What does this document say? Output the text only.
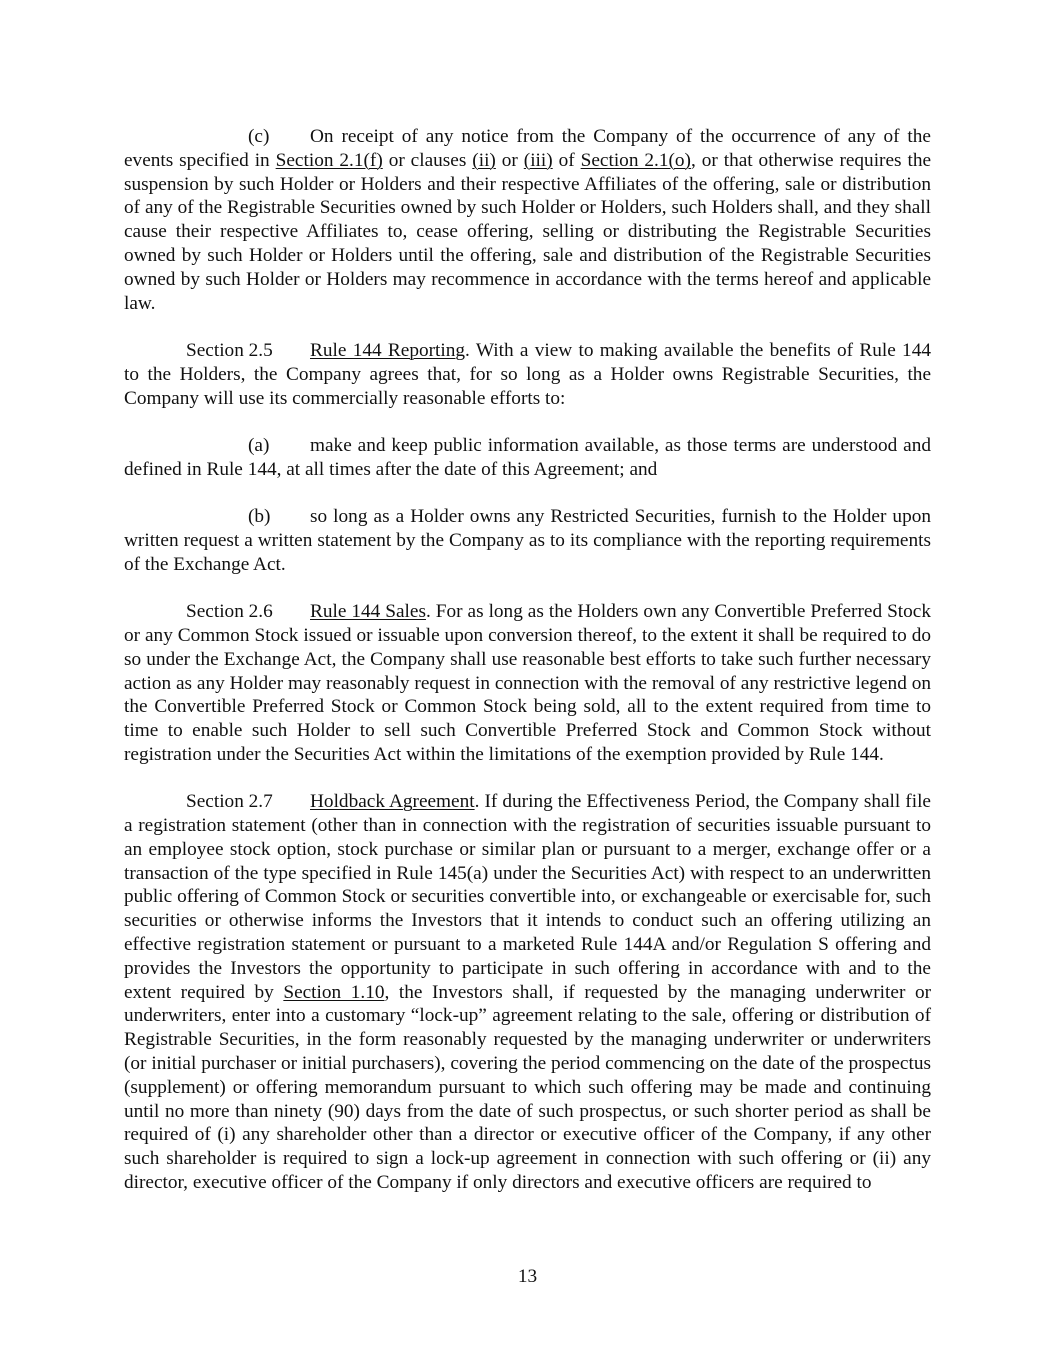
(c) On receipt of any notice from the Company of the occurrence of any of the events specified in Section 2.1(f) or clauses (ii) or (iii) of Section 2.1(o), or that otherwise requires the suspension by such Holder or Holders and their respective Affiliates of the offering, sale or distribution of any of the Registrable Securities owned by such Holder or Holders, such Holders shall, and they shall cause their respective Affiliates to, cease offering, selling or distributing the Registrable Securities owned by such Holder or Holders until the offering, sale and distribution of the Registrable Securities owned by such Holder or Holders may recommence in accordance with the terms hereof and applicable law.

Section 2.5 Rule 144 Reporting. With a view to making available the benefits of Rule 144 to the Holders, the Company agrees that, for so long as a Holder owns Registrable Securities, the Company will use its commercially reasonable efforts to:

(a) make and keep public information available, as those terms are understood and defined in Rule 144, at all times after the date of this Agreement; and

(b) so long as a Holder owns any Restricted Securities, furnish to the Holder upon written request a written statement by the Company as to its compliance with the reporting requirements of the Exchange Act.

Section 2.6 Rule 144 Sales. For as long as the Holders own any Convertible Preferred Stock or any Common Stock issued or issuable upon conversion thereof, to the extent it shall be required to do so under the Exchange Act, the Company shall use reasonable best efforts to take such further necessary action as any Holder may reasonably request in connection with the removal of any restrictive legend on the Convertible Preferred Stock or Common Stock being sold, all to the extent required from time to time to enable such Holder to sell such Convertible Preferred Stock and Common Stock without registration under the Securities Act within the limitations of the exemption provided by Rule 144.

Section 2.7 Holdback Agreement. If during the Effectiveness Period, the Company shall file a registration statement (other than in connection with the registration of securities issuable pursuant to an employee stock option, stock purchase or similar plan or pursuant to a merger, exchange offer or a transaction of the type specified in Rule 145(a) under the Securities Act) with respect to an underwritten public offering of Common Stock or securities convertible into, or exchangeable or exercisable for, such securities or otherwise informs the Investors that it intends to conduct such an offering utilizing an effective registration statement or pursuant to a marketed Rule 144A and/or Regulation S offering and provides the Investors the opportunity to participate in such offering in accordance with and to the extent required by Section 1.10, the Investors shall, if requested by the managing underwriter or underwriters, enter into a customary “lock-up” agreement relating to the sale, offering or distribution of Registrable Securities, in the form reasonably requested by the managing underwriter or underwriters (or initial purchaser or initial purchasers), covering the period commencing on the date of the prospectus (supplement) or offering memorandum pursuant to which such offering may be made and continuing until no more than ninety (90) days from the date of such prospectus, or such shorter period as shall be required of (i) any shareholder other than a director or executive officer of the Company, if any other such shareholder is required to sign a lock-up agreement in connection with such offering or (ii) any director, executive officer of the Company if only directors and executive officers are required to

13
